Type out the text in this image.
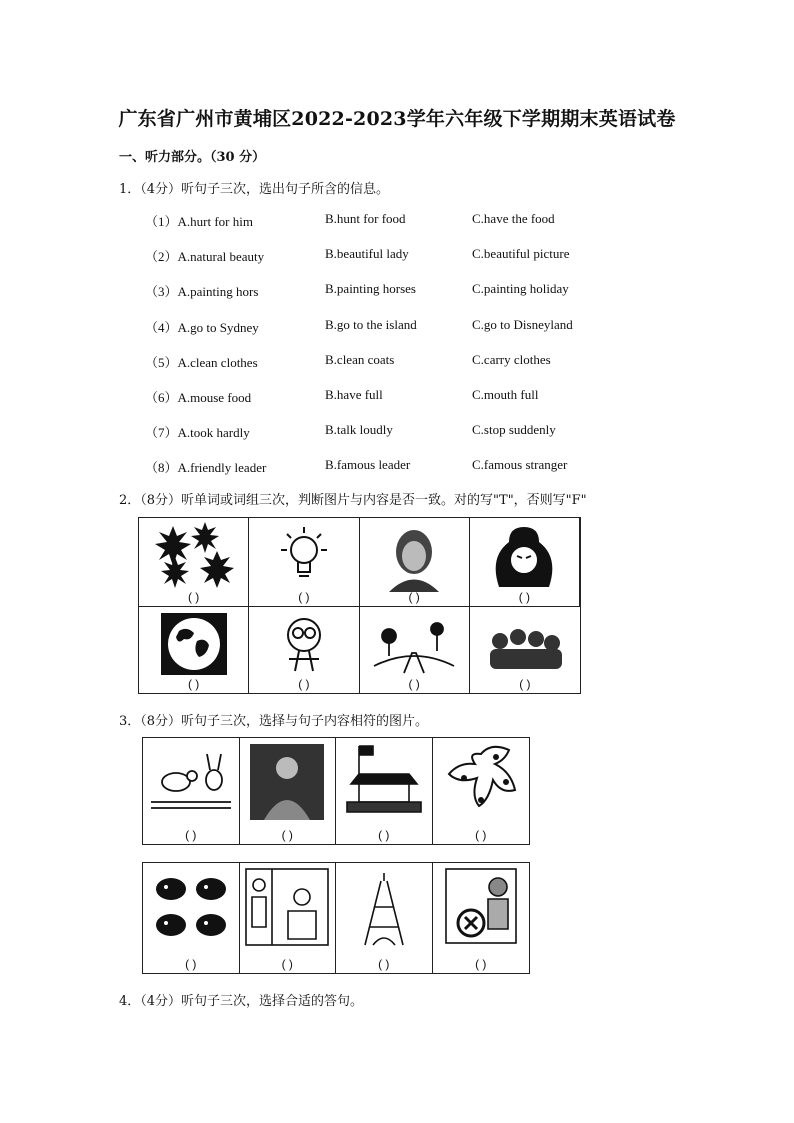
广东省广州市黄埔区2022-2023学年六年级下学期期末英语试卷
一、听力部分。（30 分）
1．（4分）听句子三次，选出句子所含的信息。
（1）A.hurt for him	B.hunt for food	C.have the food
（2）A.natural beauty	B.beautiful lady	C.beautiful picture
（3）A.painting hors	B.painting horses	C.painting holiday
（4）A.go to Sydney	B.go to the island	C.go to Disneyland
（5）A.clean clothes	B.clean coats	C.carry clothes
（6）A.mouse food	B.have full	C.mouth full
（7）A.took hardly	B.talk loudly	C.stop suddenly
（8）A.friendly leader	B.famous leader	C.famous stranger
2．（8分）听单词或词组三次，判断图片与内容是否一致。对的写"T"，否则写"F"
( )	( )	( )	( )
( )	( )	( )	( )
3．（8分）听句子三次，选择与句子内容相符的图片。
( )	( )	( )	( )
( )	( )	( )	( )
4．（4分）听句子三次，选择合适的答句。
